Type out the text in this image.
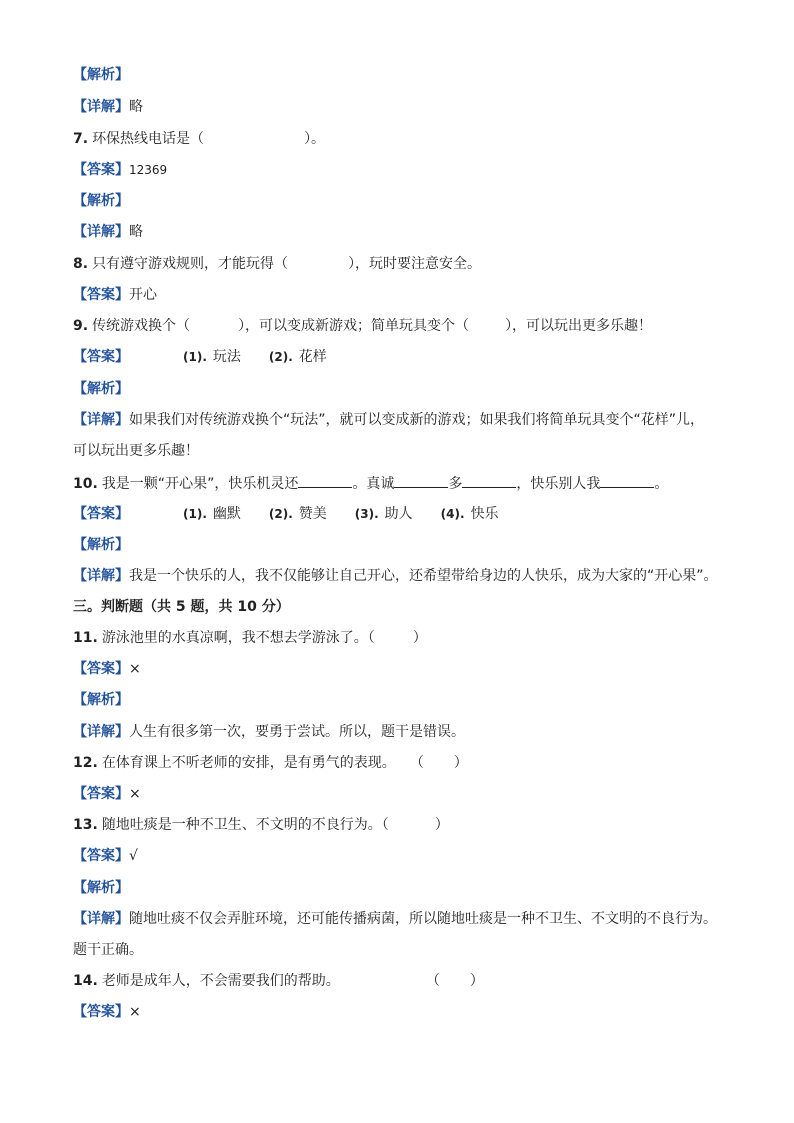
【解析】
【详解】略
7. 环保热线电话是（	）。
【答案】12369
【解析】
【详解】略
8. 只有遵守游戏规则，才能玩得（	），玩时要注意安全。
【答案】开心
9. 传统游戏换个（	），可以变成新游戏；简单玩具变个（	），可以玩出更多乐趣！
【答案】	(1). 玩法 (2). 花样
【解析】
【详解】如果我们对传统游戏换个“玩法”，就可以变成新的游戏；如果我们将简单玩具变个“花样”儿，
可以玩出更多乐趣！
10. 我是一颗“开心果”，快乐机灵还	。真诚	多	，快乐别人我	。
【答案】	(1). 幽默 (2). 赞美 (3). 助人 (4). 快乐
【解析】
【详解】我是一个快乐的人，我不仅能够让自己开心，还希望带给身边的人快乐，成为大家的“开心果”。
三。判断题（共 5 题，共 10 分）
11. 游泳池里的水真凉啊，我不想去学游泳了。（	）
【答案】×
【解析】
【详解】人生有很多第一次，要勇于尝试。所以，题干是错误。
12. 在体育课上不听老师的安排，是有勇气的表现。 （ ）
【答案】×
13. 随地吐痰是一种不卫生、不文明的不良行为。（	）
【答案】√
【解析】
【详解】随地吐痰不仅会弄脏环境，还可能传播病菌，所以随地吐痰是一种不卫生、不文明的不良行为。
题干正确。
14. 老师是成年人，不会需要我们的帮助。	（ ）
【答案】×
